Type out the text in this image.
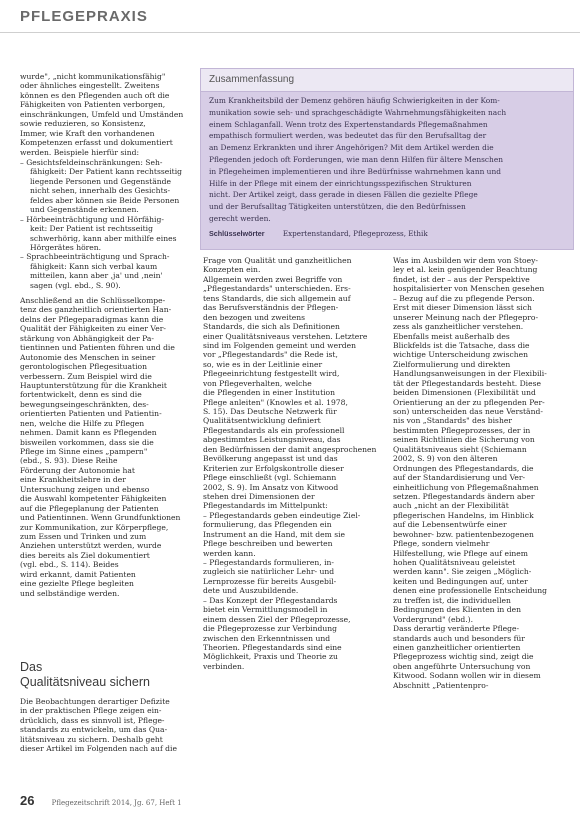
PFLEGEPRAXIS
wurde", „nicht kommunikationsfähig"
oder ähnliches eingestellt. Zweitens
können es den Pflegenden auch oft die
Fähigkeiten von Patienten verborgen,
einschränkungen, Umfeld und Umständen
sowie reduzieren, so Konsistenz,
Immer, wie Kraft den vorhandenen
Kompetenzen erfasst und dokumentiert
werden. Beispiele hierfür sind:
– Gesichtsfeldeinschränkungen: Seh-
fähigkeit: Der Patient kann rechtsseitig
liegende Personen und Gegenstände
nicht sehen, innerhalb des Gesichts-
feldes aber können sie Beide Personen
und Gegenstände erkennen.
– Hörbeeinträchtigung und Hörfähig-
keit: Der Patient ist rechtsseitig
schwerhörig, kann aber mithilfe eines
Hörgerätes hören.
– Sprachbeeinträchtigung und Sprach-
fähigkeit: Kann sich verbal kaum
mitteilen, kann aber ‚ja' und ‚nein'
sagen (vgl. ebd., S. 90).
Anschließend an die Schlüsselkompe-
tenz des ganzheitlich orientierten Han-
delns der Pflegeparadigmas kann die
Qualität der Fähigkeiten zu einer Ver-
stärkung von Abhängigkeit der Pa-
tientinnen und Patienten führen und die
Autonomie des Menschen in seiner
gerontologischen Pflegesituation
verbessern. Zum Beispiel wird die
Hauptunterstützung für die Krankheit
fortentwickelt, denn es sind die
bewegungseingeschränkten, des-
orientierten Patienten und Patientin-
nen, welche die Hilfe zu Pflegen
nehmen. Damit kann es Pflegenden
bisweilen vorkommen, dass sie die
Pflege im Sinne eines „pampern"
(ebd., S. 93). Diese Reihe
Förderung der Autonomie hat
eine Krankheitslehre in der
Untersuchung zeigen und ebenso
die Auswahl kompetenter Fähigkeiten
auf die Pflegeplanung der Patienten
und Patientinnen. Wenn Grundfunktionen
zur Kommunikation, zur Körperpflege,
zum Essen und Trinken und zum
Anziehen unterstützt werden, wurde
dies bereits als Ziel dokumentiert
(vgl. ebd., S. 114). Beides
wird erkannt, damit Patienten
eine gezielte Pflege begleiten
und selbständige werden.
Das
Qualitätsniveau sichern
Die Beobachtungen derartiger Defizite
in der praktischen Pflege zeigen ein-
drücklich, dass es sinnvoll ist, Pflege-
standards zu entwickeln, um das Qua-
litätsniveau zu sichern. Deshalb geht
dieser Artikel im Folgenden nach auf die
Zusammenfassung
Zum Krankheitsbild der Demenz gehören häufig Schwierigkeiten in der Kom-
munikation sowie seh- und sprachgeschädigte Wahrnehmungsfähigkeiten nach
einem Schlaganfall. Wenn trotz des Expertenstandards Pflegemaßnahmen
empathisch formuliert werden, was bedeutet das für den Berufsalltag der
an Demenz Erkrankten und ihrer Angehörigen? Mit dem Artikel werden die
Pflegenden jedoch oft Forderungen, wie man denn Hilfen für ältere Menschen
in Pflegeheimen implementieren und ihre Bedürfnisse wahrnehmen kann und
Hilfe in der Pflege mit einem der einrichtungsspezifischen Strukturen
nicht. Der Artikel zeigt, dass gerade in diesen Fällen die gezielte Pflege
und der Berufsalltag Tätigkeiten unterstützen, die den Bedürfnissen
gerecht werden.
Schlüsselwörter	Expertenstandard, Pflegeprozess, Ethik
Frage von Qualität und ganzheitlichen
Konzepten ein.
Allgemein werden zwei Begriffe von
„Pflegestandards" unterschieden. Ers-
tens Standards, die sich allgemein auf
das Berufsverständnis der Pflegen-
den bezogen und zweitens
Standards, die sich als Definitionen
einer Qualitätsniveaus verstehen. Letztere
sind im Folgenden gemeint und werden
vor „Pflegestandards" die Rede ist,
so, wie es in der Leitlinie einer
Pflegeeinrichtung festgestellt wird,
von Pflegeverhalten, welche
die Pflegenden in einer Institution
Pflege anleiten" (Knowles et al. 1978,
S. 15). Das Deutsche Netzwerk für
Qualitätsentwicklung definiert
Pflegestandards als ein professionell
abgestimmtes Leistungsniveau, das
den Bedürfnissen der damit angesprochenen
Bevölkerung angepasst ist und das
Kriterien zur Erfolgskontrolle dieser
Pflege einschließt (vgl. Schiemann
2002, S. 9). Im Ansatz von Kitwood
stehen drei Dimensionen der
Pflegestandards im Mittelpunkt:
– Pflegestandards geben eindeutige Ziel-
formulierung, das Pflegenden ein
Instrument an die Hand, mit dem sie
Pflege beschreiben und bewerten
werden kann.
– Pflegestandards formulieren, in-
zugleich sie natürlicher Lehr- und
Lernprozesse für bereits Ausgebil-
dete und Auszubildende.
– Das Konzept der Pflegestandards
bietet ein Vermittlungsmodell in
einem dessen Ziel der Pflegeprozesse,
die Pflegeprozesse zur Verbindung
zwischen den Erkenntnissen und
Theorien. Pflegestandards sind eine
Möglichkeit, Praxis und Theorie zu
verbinden.
Was im Ausbilden wir dem von Stoey-
ley et al. kein genügender Beachtung
findet, ist der – aus der Perspektive
hospitalisierter von Menschen gesehen
– Bezug auf die zu pflegende Person.
Erst mit dieser Dimension lässt sich
unserer Meinung nach der Pflegepro-
zess als ganzheitlicher verstehen.
Ebenfalls meist außerhalb des
Blickfelds ist die Tatsache, dass die
wichtige Unterscheidung zwischen
Zielformulierung und direkten
Handlungsanweisungen in der Flexibili-
tät der Pflegestandards besteht. Diese
beiden Dimensionen (Flexibilität und
Orientierung an der zu pflegenden Per-
son) unterscheiden das neue Verständ-
nis von „Standards" des bisher
bestimmten Pflegeprozesses, der in
seinen Richtlinien die Sicherung von
Qualitätsniveaus sieht (Schiemann
2002, S. 9) von den älteren
Ordnungen des Pflegestandards, die
auf der Standardisierung und Ver-
einheitlichung von Pflegemaßnahmen
setzen. Pflegestandards ändern aber
auch „nicht an der Flexibilität
pflegerischen Handelns, im Hinblick
auf die Lebensentwürfe einer
bewohner- bzw. patientenbezogenen
Pflege, sondern vielmehr
Hilfestellung, wie Pflege auf einem
hohen Qualitätsniveau geleistet
werden kann". Sie zeigen „Möglich-
keiten und Bedingungen auf, unter
denen eine professionelle Entscheidung
zu treffen ist, die individuellen
Bedingungen des Klienten in den
Vordergrund" (ebd.).
Dass derartig veränderte Pflege-
standards auch und besonders für
einen ganzheitlicher orientierten
Pflegeprozess wichtig sind, zeigt die
oben angeführte Untersuchung von
Kitwood. Sodann wollen wir in diesem
Abschnitt „Patientenpro-
26 Pflegezeitschrift 2014, Jg. 67, Heft 1
